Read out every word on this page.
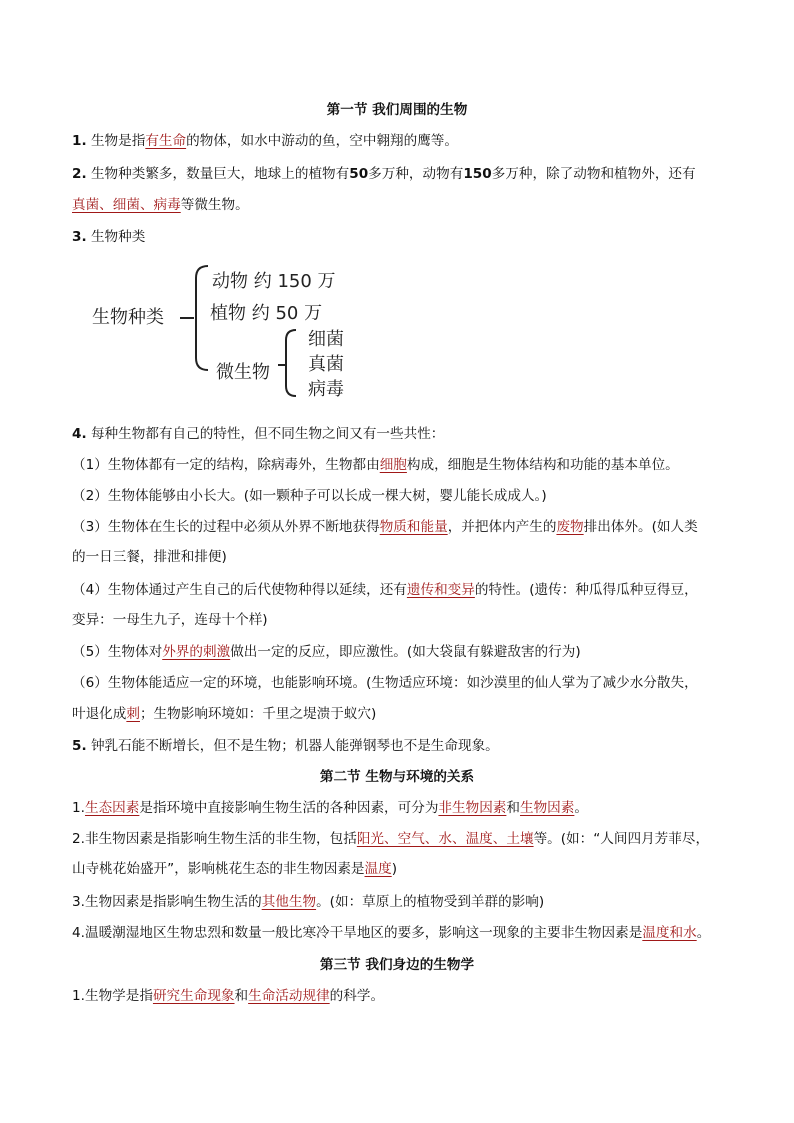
第一节 我们周围的生物
1. 生物是指有生命的物体，如水中游动的鱼，空中翱翔的鹰等。
2. 生物种类繁多，数量巨大，地球上的植物有50多万种，动物有150多万种，除了动物和植物外，还有
真菌、细菌、病毒等微生物。
3. 生物种类
生物种类
动物 约 150 万
植物 约 50 万
微生物
细菌
真菌
病毒
4. 每种生物都有自己的特性，但不同生物之间又有一些共性：
（1）生物体都有一定的结构，除病毒外，生物都由细胞构成，细胞是生物体结构和功能的基本单位。
（2）生物体能够由小长大。(如一颗种子可以长成一棵大树，婴儿能长成成人。)
（3）生物体在生长的过程中必须从外界不断地获得物质和能量，并把体内产生的废物排出体外。(如人类
的一日三餐，排泄和排便)
（4）生物体通过产生自己的后代使物种得以延续，还有遗传和变异的特性。(遗传：种瓜得瓜种豆得豆，
变异：一母生九子，连母十个样)
（5）生物体对外界的刺激做出一定的反应，即应激性。(如大袋鼠有躲避敌害的行为)
（6）生物体能适应一定的环境，也能影响环境。(生物适应环境：如沙漠里的仙人掌为了减少水分散失，
叶退化成刺；生物影响环境如：千里之堤溃于蚁穴)
5. 钟乳石能不断增长，但不是生物；机器人能弹钢琴也不是生命现象。
第二节 生物与环境的关系
1.生态因素是指环境中直接影响生物生活的各种因素，可分为非生物因素和生物因素。
2.非生物因素是指影响生物生活的非生物，包括阳光、空气、水、温度、土壤等。(如：“人间四月芳菲尽，
山寺桃花始盛开”，影响桃花生态的非生物因素是温度)
3.生物因素是指影响生物生活的其他生物。(如：草原上的植物受到羊群的影响)
4.温暖潮湿地区生物忠烈和数量一般比寒冷干旱地区的要多，影响这一现象的主要非生物因素是温度和水。
第三节 我们身边的生物学
1.生物学是指研究生命现象和生命活动规律的科学。
